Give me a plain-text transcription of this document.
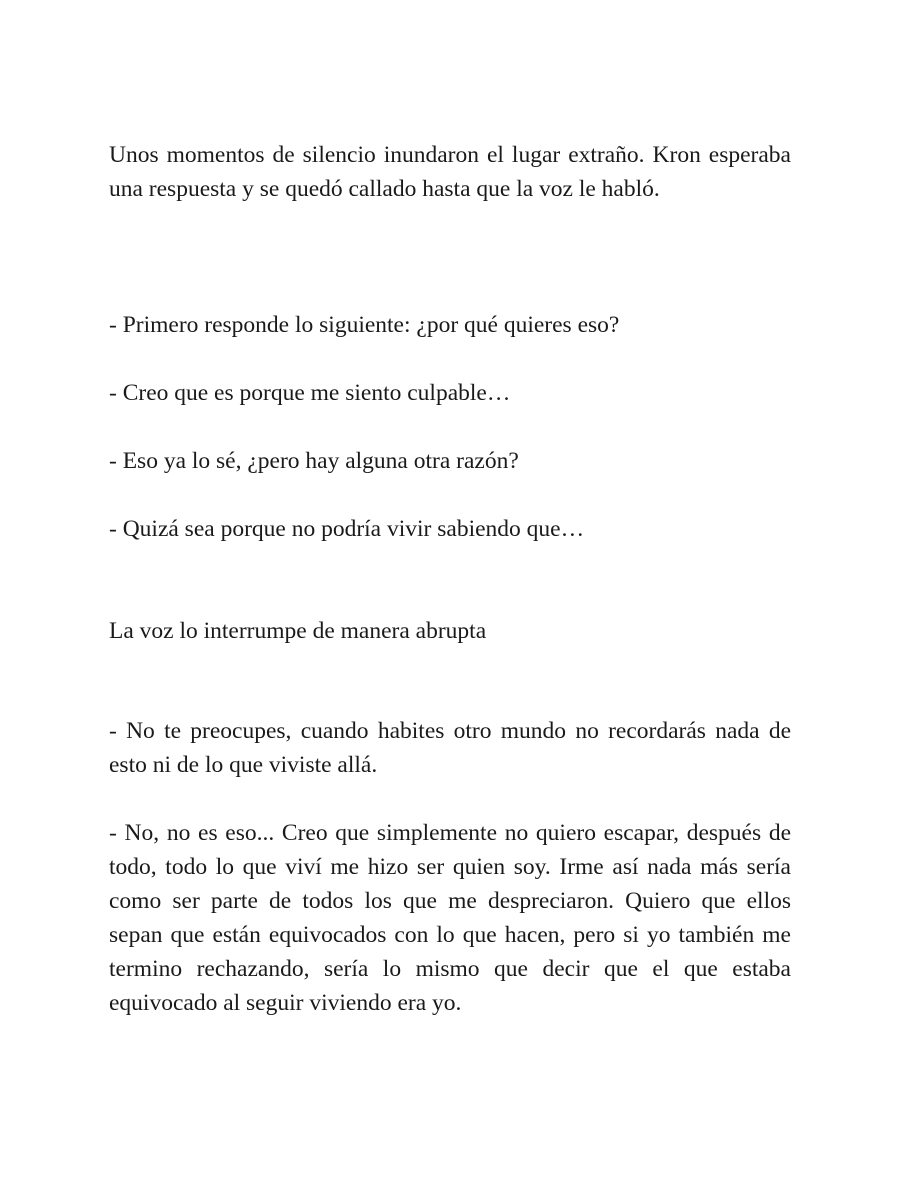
Unos momentos de silencio inundaron el lugar extraño. Kron esperaba una respuesta y se quedó callado hasta que la voz le habló.

- Primero responde lo siguiente: ¿por qué quieres eso?

- Creo que es porque me siento culpable…

- Eso ya lo sé, ¿pero hay alguna otra razón?

- Quizá sea porque no podría vivir sabiendo que…

La voz lo interrumpe de manera abrupta

- No te preocupes, cuando habites otro mundo no recordarás nada de esto ni de lo que viviste allá.

- No, no es eso... Creo que simplemente no quiero escapar, después de todo, todo lo que viví me hizo ser quien soy. Irme así nada más sería como ser parte de todos los que me despreciaron. Quiero que ellos sepan que están equivocados con lo que hacen, pero si yo también me termino rechazando, sería lo mismo que decir que el que estaba equivocado al seguir viviendo era yo.
